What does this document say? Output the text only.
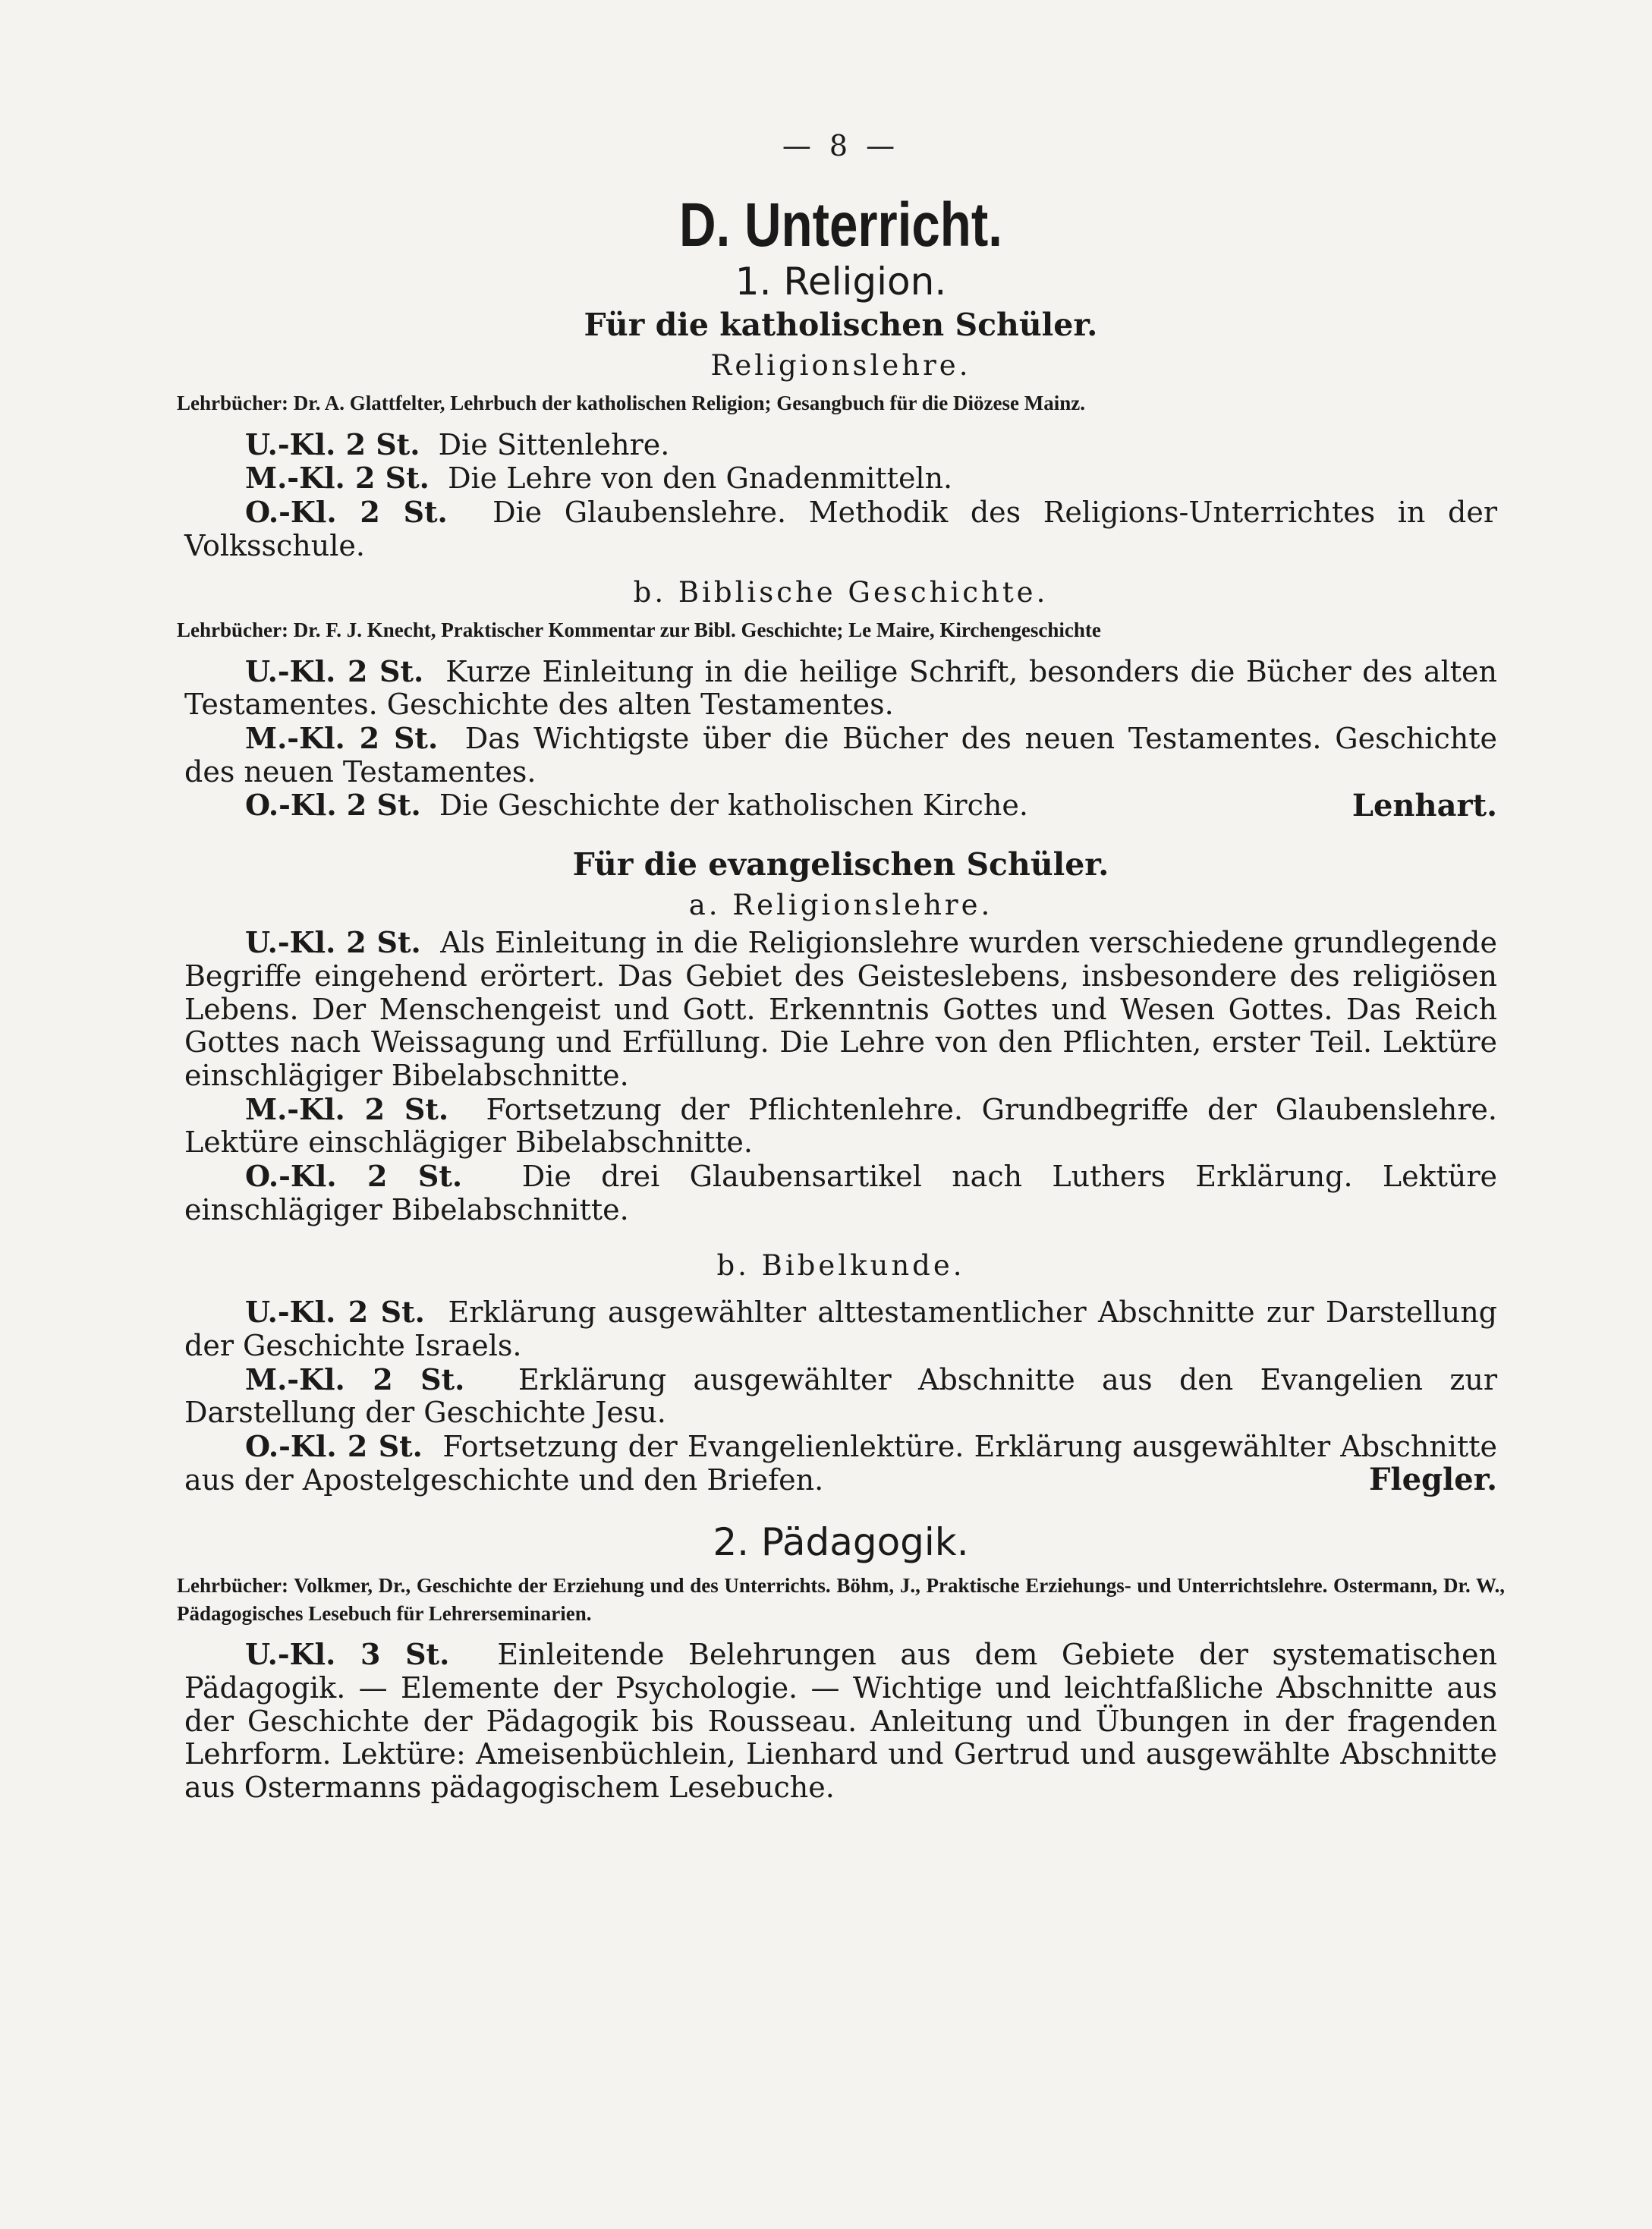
— 8 —
D. Unterricht.
1. Religion.
Für die katholischen Schüler.
Religionslehre.
Lehrbücher: Dr. A. Glattfelter, Lehrbuch der katholischen Religion; Gesangbuch für die Diözese Mainz.

U.-Kl. 2 St. Die Sittenlehre.

M.-Kl. 2 St. Die Lehre von den Gnadenmitteln.

O.-Kl. 2 St. Die Glaubenslehre. Methodik des Religions-Unterrichtes in der Volksschule.

b. Biblische Geschichte.
Lehrbücher: Dr. F. J. Knecht, Praktischer Kommentar zur Bibl. Geschichte; Le Maire, Kirchengeschichte

U.-Kl. 2 St. Kurze Einleitung in die heilige Schrift, besonders die Bücher des alten Testamentes. Geschichte des alten Testamentes.

M.-Kl. 2 St. Das Wichtigste über die Bücher des neuen Testamentes. Geschichte des neuen Testamentes.

O.-Kl. 2 St. Die Geschichte der katholischen Kirche.	Lenhart.
Für die evangelischen Schüler.
a. Religionslehre.

U.-Kl. 2 St. Als Einleitung in die Religionslehre wurden verschiedene grundlegende Begriffe eingehend erörtert. Das Gebiet des Geisteslebens, insbesondere des religiösen Lebens. Der Menschengeist und Gott. Erkenntnis Gottes und Wesen Gottes. Das Reich Gottes nach Weissagung und Erfüllung. Die Lehre von den Pflichten, erster Teil. Lektüre einschlägiger Bibelabschnitte.

M.-Kl. 2 St. Fortsetzung der Pflichtenlehre. Grundbegriffe der Glaubenslehre. Lektüre einschlägiger Bibelabschnitte.

O.-Kl. 2 St. Die drei Glaubensartikel nach Luthers Erklärung. Lektüre einschlägiger Bibelabschnitte.

b. Bibelkunde.

U.-Kl. 2 St. Erklärung ausgewählter alttestamentlicher Abschnitte zur Darstellung der Geschichte Israels.

M.-Kl. 2 St. Erklärung ausgewählter Abschnitte aus den Evangelien zur Darstellung der Geschichte Jesu.

O.-Kl. 2 St. Fortsetzung der Evangelienlektüre. Erklärung ausgewählter Abschnitte aus der Apostelgeschichte und den Briefen.	Flegler.
2. Pädagogik.
Lehrbücher: Volkmer, Dr., Geschichte der Erziehung und des Unterrichts. Böhm, J., Praktische Erziehungs- und Unterrichtslehre. Ostermann, Dr. W., Pädagogisches Lesebuch für Lehrerseminarien.

U.-Kl. 3 St. Einleitende Belehrungen aus dem Gebiete der systematischen Pädagogik. — Elemente der Psychologie. — Wichtige und leichtfaßliche Abschnitte aus der Geschichte der Pädagogik bis Rousseau. Anleitung und Übungen in der fragenden Lehrform. Lektüre: Ameisenbüchlein, Lienhard und Gertrud und ausgewählte Abschnitte aus Ostermanns pädagogischem Lesebuche.
